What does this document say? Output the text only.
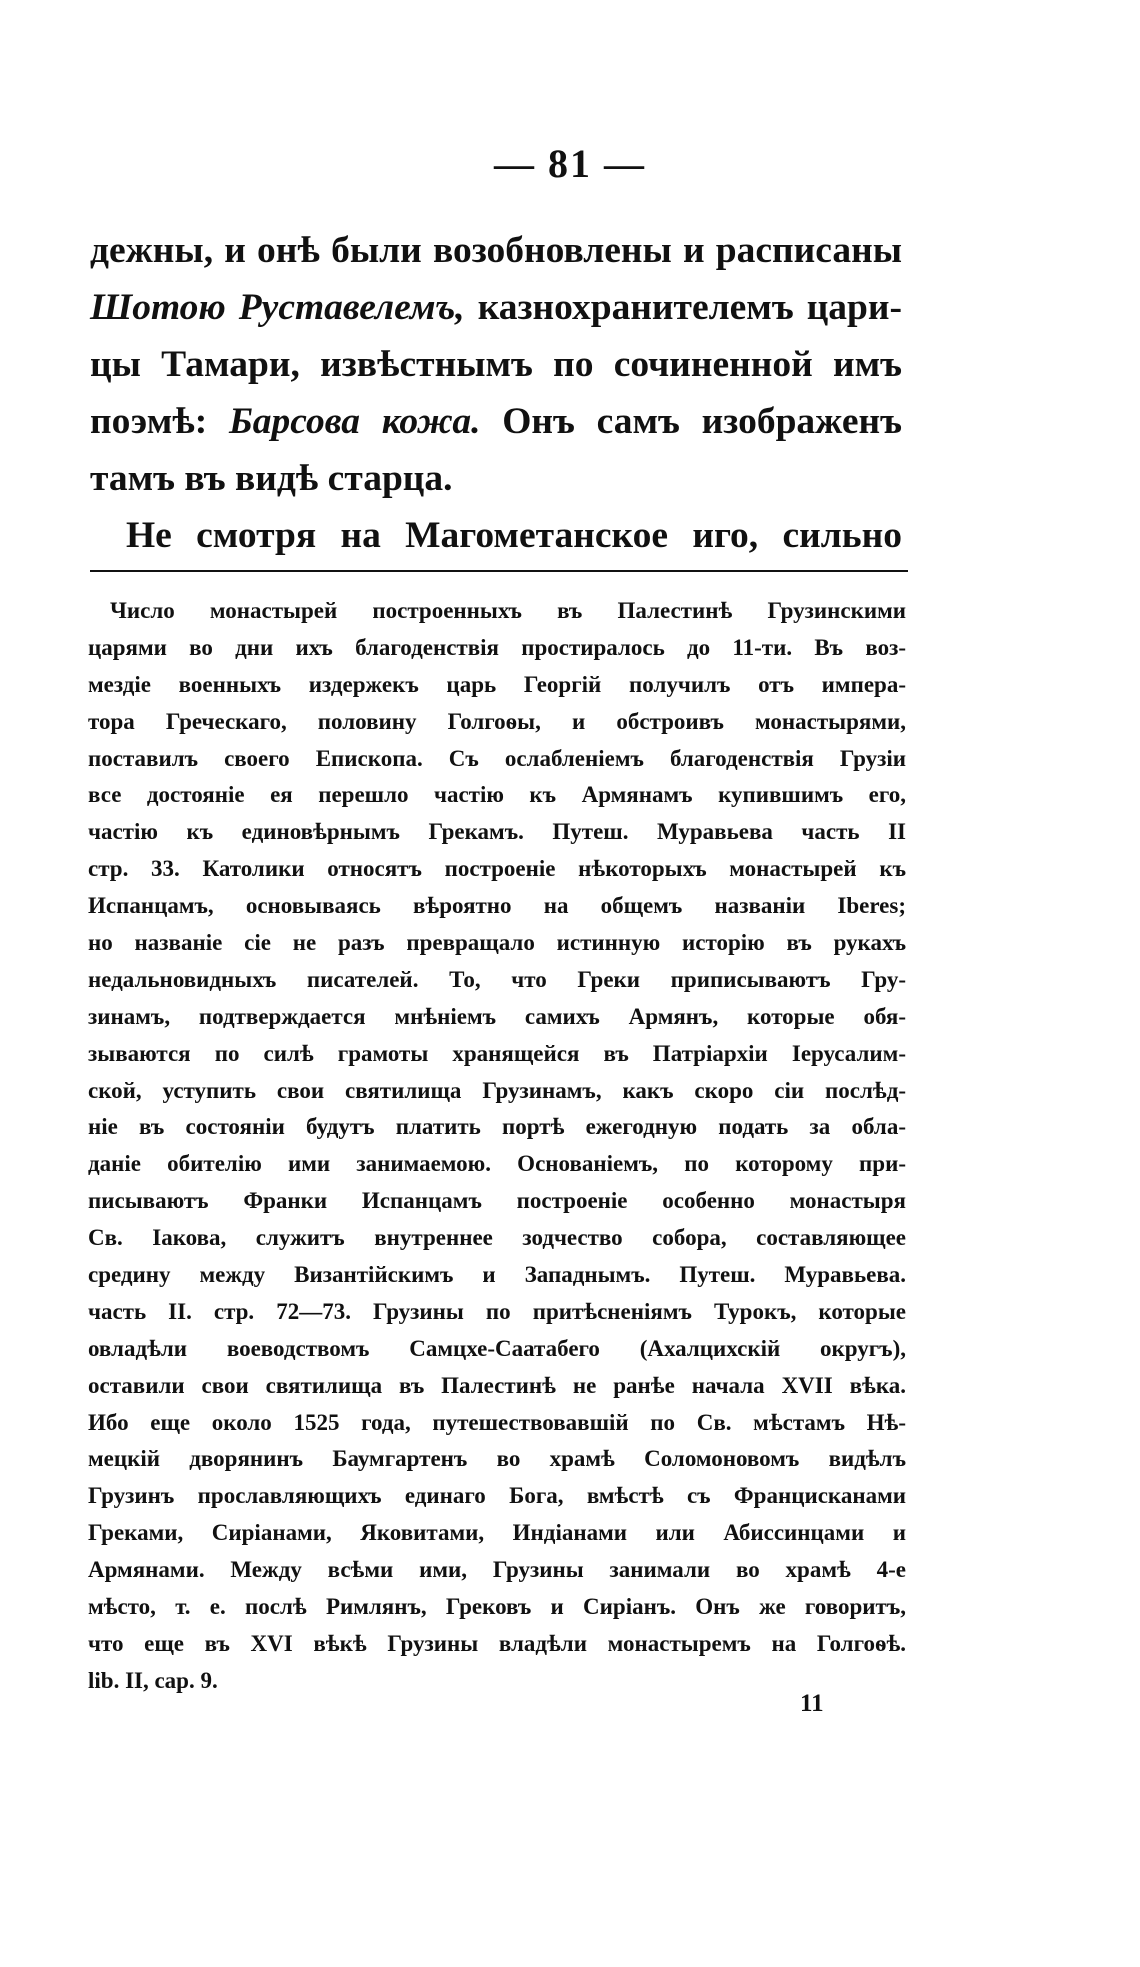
— 81 —
дежны, и онѣ были возобновлены и расписаны
Шотою Руставелемъ, казнохранителемъ цари-
цы Тамари, извѣстнымъ по сочиненной имъ
поэмѣ: Барсова кожа. Онъ самъ изображенъ
тамъ въ видѣ старца.
Не смотря на Магометанское иго, сильно
Число монастырей построенныхъ въ Палестинѣ Грузинскими
царями во дни ихъ благоденствія простиралось до 11-ти. Въ воз-
мездіе военныхъ издержекъ царь Георгій получилъ отъ импера-
тора Греческаго, половину Голгоѳы, и обстроивъ монастырями,
поставилъ своего Епископа. Съ ослабленіемъ благоденствія Грузіи
все достояніе ея перешло частію къ Армянамъ купившимъ его,
частію къ единовѣрнымъ Грекамъ. Путеш. Муравьева часть II
стр. 33. Католики относятъ построеніе нѣкоторыхъ монастырей къ
Испанцамъ, основываясь вѣроятно на общемъ названіи Iberes;
но названіе сіе не разъ превращало истинную исторію въ рукахъ
недальновидныхъ писателей. То, что Греки приписываютъ Гру-
зинамъ, подтверждается мнѣніемъ самихъ Армянъ, которые обя-
зываются по силѣ грамоты хранящейся въ Патріархіи Іерусалим-
ской, уступить свои святилища Грузинамъ, какъ скоро сіи послѣд-
ніе въ состояніи будутъ платить портѣ ежегодную подать за обла-
даніе обителію ими занимаемою. Основаніемъ, по которому при-
писываютъ Франки Испанцамъ построеніе особенно монастыря
Св. Іакова, служитъ внутреннее зодчество собора, составляющее
средину между Византійскимъ и Западнымъ. Путеш. Муравьева.
часть II. стр. 72—73. Грузины по притѣсненіямъ Турокъ, которые
овладѣли воеводствомъ Самцхе-Саатабего (Ахалцихскій округъ),
оставили свои святилища въ Палестинѣ не ранѣе начала XVII вѣка.
Ибо еще около 1525 года, путешествовавшій по Св. мѣстамъ Нѣ-
мецкій дворянинъ Баумгартенъ во храмѣ Соломоновомъ видѣлъ
Грузинъ прославляющихъ единаго Бога, вмѣстѣ съ Францисканами
Греками, Сиріанами, Яковитами, Индіанами или Абиссинцами и
Армянами. Между всѣми ими, Грузины занимали во храмѣ 4-е
мѣсто, т. е. послѣ Римлянъ, Грековъ и Сиріанъ. Онъ же говоритъ,
что еще въ XVI вѣкѣ Грузины владѣли монастыремъ на Голгоѳѣ.
lib. II, cap. 9.
11
